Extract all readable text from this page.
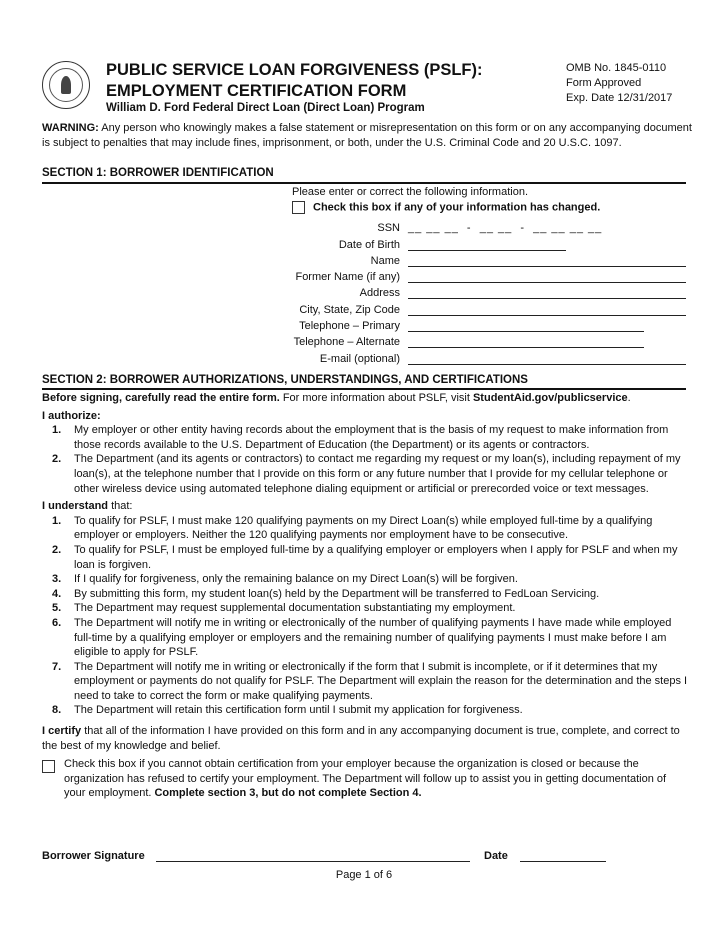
PUBLIC SERVICE LOAN FORGIVENESS (PSLF):
EMPLOYMENT CERTIFICATION FORM
William D. Ford Federal Direct Loan (Direct Loan) Program
OMB No. 1845-0110
Form Approved
Exp. Date 12/31/2017
WARNING: Any person who knowingly makes a false statement or misrepresentation on this form or on any accompanying document is subject to penalties that may include fines, imprisonment, or both, under the U.S. Criminal Code and 20 U.S.C. 1097.
SECTION 1: BORROWER IDENTIFICATION
Please enter or correct the following information.
Check this box if any of your information has changed.
SSN __ __ __  -  __ __  -  __ __ __ __
Date of Birth
Name
Former Name (if any)
Address
City, State, Zip Code
Telephone – Primary
Telephone – Alternate
E-mail (optional)
SECTION 2: BORROWER AUTHORIZATIONS, UNDERSTANDINGS, AND CERTIFICATIONS

Before signing, carefully read the entire form. For more information about PSLF, visit StudentAid.gov/publicservice.

I authorize:

1.	My employer or other entity having records about the employment that is the basis of my request to make information from those records available to the U.S. Department of Education (the Department) or its agents or contractors.
2.	The Department (and its agents or contractors) to contact me regarding my request or my loan(s), including repayment of my loan(s), at the telephone number that I provide on this form or any future number that I provide for my cellular telephone or other wireless device using automated telephone dialing equipment or artificial or prerecorded voice or text messages.

I understand that:

1.	To qualify for PSLF, I must make 120 qualifying payments on my Direct Loan(s) while employed full-time by a qualifying employer or employers. Neither the 120 qualifying payments nor employment have to be consecutive.
2.	To qualify for PSLF, I must be employed full-time by a qualifying employer or employers when I apply for PSLF and when my loan is forgiven.
3.	If I qualify for forgiveness, only the remaining balance on my Direct Loan(s) will be forgiven.
4.	By submitting this form, my student loan(s) held by the Department will be transferred to FedLoan Servicing.
5.	The Department may request supplemental documentation substantiating my employment.
6.	The Department will notify me in writing or electronically of the number of qualifying payments I have made while employed full-time by a qualifying employer or employers and the remaining number of qualifying payments I must make before I am eligible to apply for PSLF.
7.	The Department will notify me in writing or electronically if the form that I submit is incomplete, or if it determines that my employment or payments do not qualify for PSLF. The Department will explain the reason for the determination and the steps I need to take to correct the form or make qualifying payments.
8.	The Department will retain this certification form until I submit my application for forgiveness.

I certify that all of the information I have provided on this form and in any accompanying document is true, complete, and correct to the best of my knowledge and belief.

Check this box if you cannot obtain certification from your employer because the organization is closed or because the organization has refused to certify your employment. The Department will follow up to assist you in getting documentation of your employment. Complete section 3, but do not complete Section 4.
Borrower Signature	Date
Page 1 of 6
